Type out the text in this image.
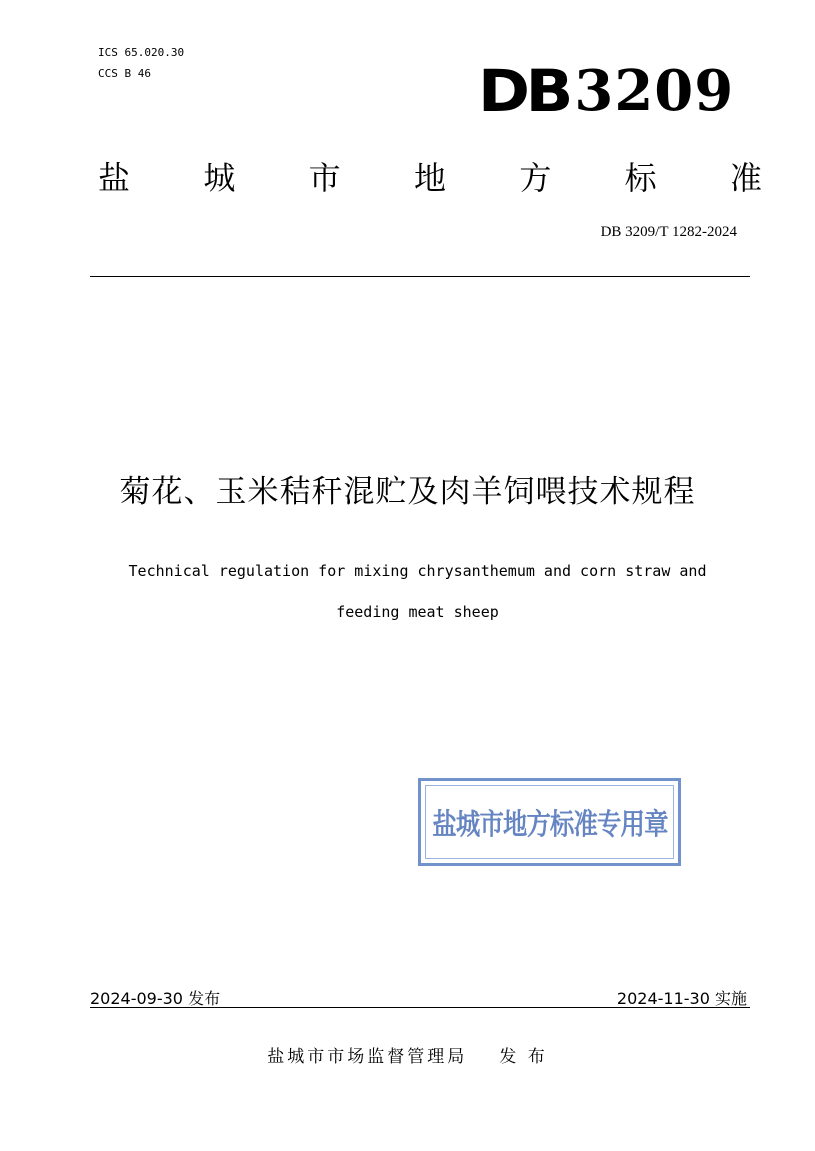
ICS 65.020.30
CCS B 46	DB 3209
盐 城 市 地 方 标 准
DB 3209/T 1282-2024
菊花、玉米秸秆混贮及肉羊饲喂技术规程
Technical regulation for mixing chrysanthemum and corn straw and
feeding meat sheep
盐城市地方标准专用章
2024-09-30 发布	2024-11-30 实施
盐城市市场监督管理局 发 布
